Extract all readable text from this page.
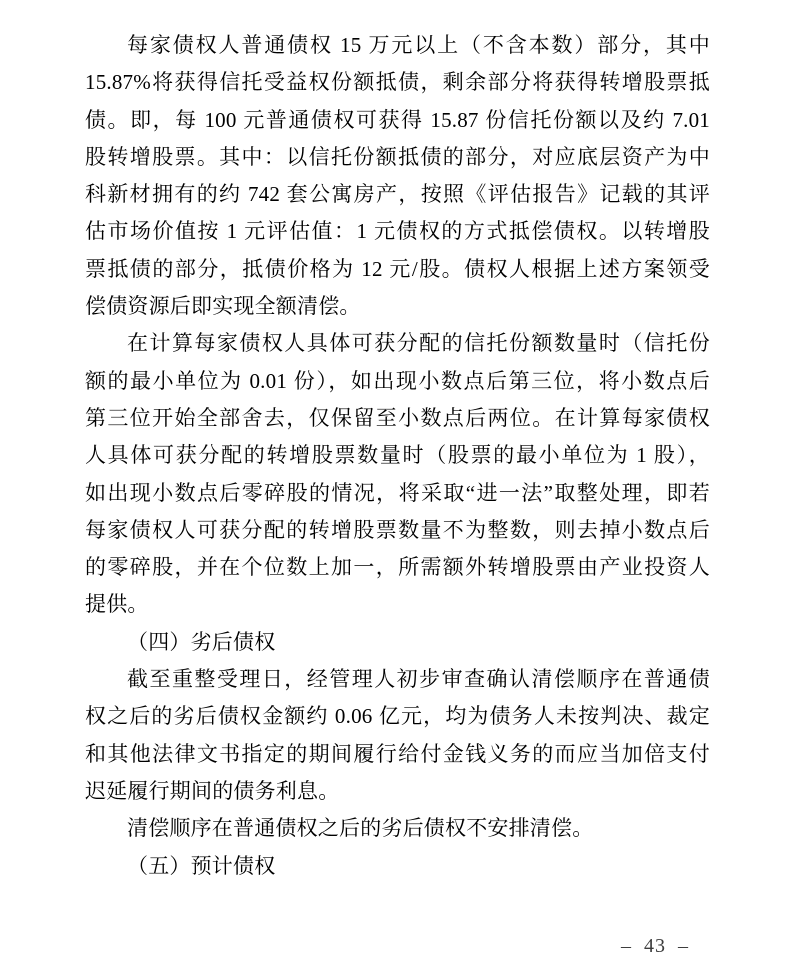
每家债权人普通债权 15 万元以上（不含本数）部分，其中
15.87%将获得信托受益权份额抵债，剩余部分将获得转增股票抵
债。即，每 100 元普通债权可获得 15.87 份信托份额以及约 7.01
股转增股票。其中：以信托份额抵债的部分，对应底层资产为中
科新材拥有的约 742 套公寓房产，按照《评估报告》记载的其评
估市场价值按 1 元评估值：1 元债权的方式抵偿债权。以转增股
票抵债的部分，抵债价格为 12 元/股。债权人根据上述方案领受
偿债资源后即实现全额清偿。
在计算每家债权人具体可获分配的信托份额数量时（信托份
额的最小单位为 0.01 份），如出现小数点后第三位，将小数点后
第三位开始全部舍去，仅保留至小数点后两位。在计算每家债权
人具体可获分配的转增股票数量时（股票的最小单位为 1 股），
如出现小数点后零碎股的情况，将采取“进一法”取整处理，即若
每家债权人可获分配的转增股票数量不为整数，则去掉小数点后
的零碎股，并在个位数上加一，所需额外转增股票由产业投资人
提供。
（四）劣后债权
截至重整受理日，经管理人初步审查确认清偿顺序在普通债
权之后的劣后债权金额约 0.06 亿元，均为债务人未按判决、裁定
和其他法律文书指定的期间履行给付金钱义务的而应当加倍支付
迟延履行期间的债务利息。
清偿顺序在普通债权之后的劣后债权不安排清偿。
（五）预计债权
– 43 –
